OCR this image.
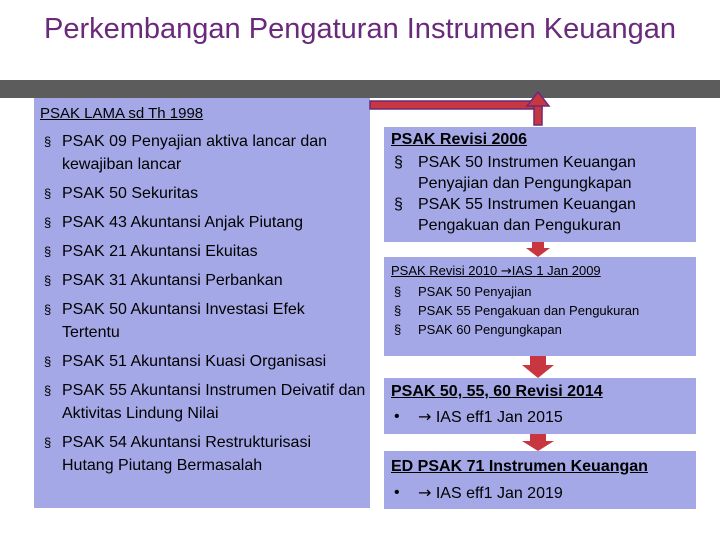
Perkembangan Pengaturan Instrumen Keuangan
PSAK LAMA sd Th 1998
§ PSAK 09 Penyajian aktiva lancar dan kewajiban lancar
§ PSAK 50 Sekuritas
§ PSAK 43 Akuntansi Anjak Piutang
§ PSAK 21 Akuntansi Ekuitas
§ PSAK 31 Akuntansi Perbankan
§ PSAK 50 Akuntansi Investasi Efek Tertentu
§ PSAK 51 Akuntansi Kuasi Organisasi
§ PSAK 55 Akuntansi Instrumen Deivatif dan Aktivitas Lindung Nilai
§ PSAK 54 Akuntansi Restrukturisasi Hutang Piutang Bermasalah
PSAK Revisi 2006
§ PSAK 50 Instrumen Keuangan Penyajian dan Pengungkapan
§ PSAK 55 Instrumen Keuangan Pengakuan dan Pengukuran
PSAK Revisi 2010 →IAS 1 Jan 2009
§ PSAK 50 Penyajian
§ PSAK 55 Pengakuan dan Pengukuran
§ PSAK 60 Pengungkapan
PSAK 50, 55, 60 Revisi 2014
• → IAS eff1 Jan 2015
ED PSAK 71 Instrumen Keuangan
• → IAS eff1 Jan 2019
